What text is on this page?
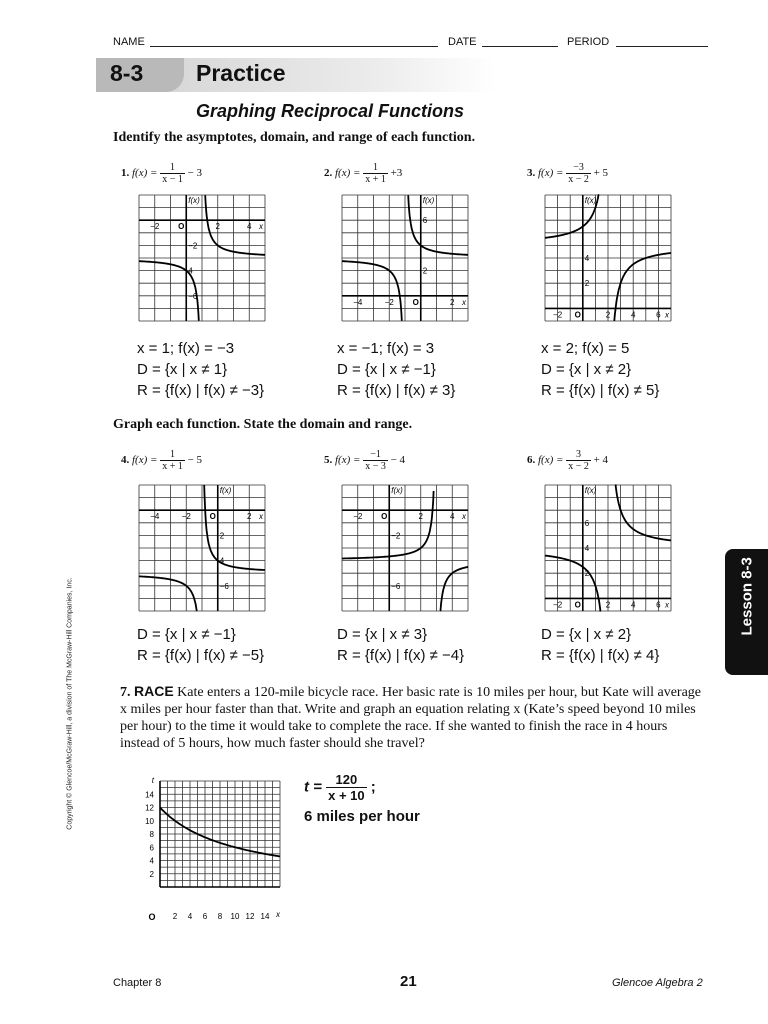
NAME	DATE	PERIOD
8-3 Practice
Graphing Reciprocal Functions
Identify the asymptotes, domain, and range of each function.
Graph each function. State the domain and range.
1. $f(x) = \frac{1}{x - 1} - 3$	2. $f(x) = \frac{1}{x + 1} +3$	3. $f(x) = \frac{-3}{x - 2} + 5$
4. $f(x) = \frac{1}{x + 1} - 5$	5. $f(x) = \frac{-1}{x - 3} - 4$	6. $f(x) = \frac{3}{x - 2} + 4$
f(x)
x
O
−2	2	4
−2
−6
4
f(x)
x
O
−4	−2	2
6
2
f(x)
x
O
−2	2	4	6
4
2
f(x)
x
O
−4	−2	2
2
−6
4
f(x)
x
O
−2	2	4
−2
−6
f(x)
x
O
−2	2	4	6
6
4
2
x = 1; f(x) = −3
D = {x | x ≠ 1}
R = {f(x) | f(x) ≠ −3}
x = −1; f(x) = 3
D = {x | x ≠ −1}
R = {f(x) | f(x) ≠ 3}
x = 2; f(x) = 5
D = {x | x ≠ 2}
R = {f(x) | f(x) ≠ 5}
D = {x | x ≠ −1}
R = {f(x) | f(x) ≠ −5}
D = {x | x ≠ 3}
R = {f(x) | f(x) ≠ −4}
D = {x | x ≠ 2}
R = {f(x) | f(x) ≠ 4}
7. RACE Kate enters a 120-mile bicycle race. Her basic rate is 10 miles per hour, but Kate will average x miles per hour faster than that. Write and graph an equation relating x (Kate’s speed beyond 10 miles per hour) to the time it would take to complete the race. If she wanted to finish the race in 4 hours instead of 5 hours, how much faster should she travel?
2 4 6 8 10 12 14
14
12
10
8
6
4
2
O	x
t	$t = \frac{120}{x + 10}$ ;
6 miles per hour
Lesson 8-3
Copyright © Glencoe/McGraw-Hill, a division of The McGraw-Hill Companies, Inc.
Chapter 8	21	Glencoe Algebra 2
